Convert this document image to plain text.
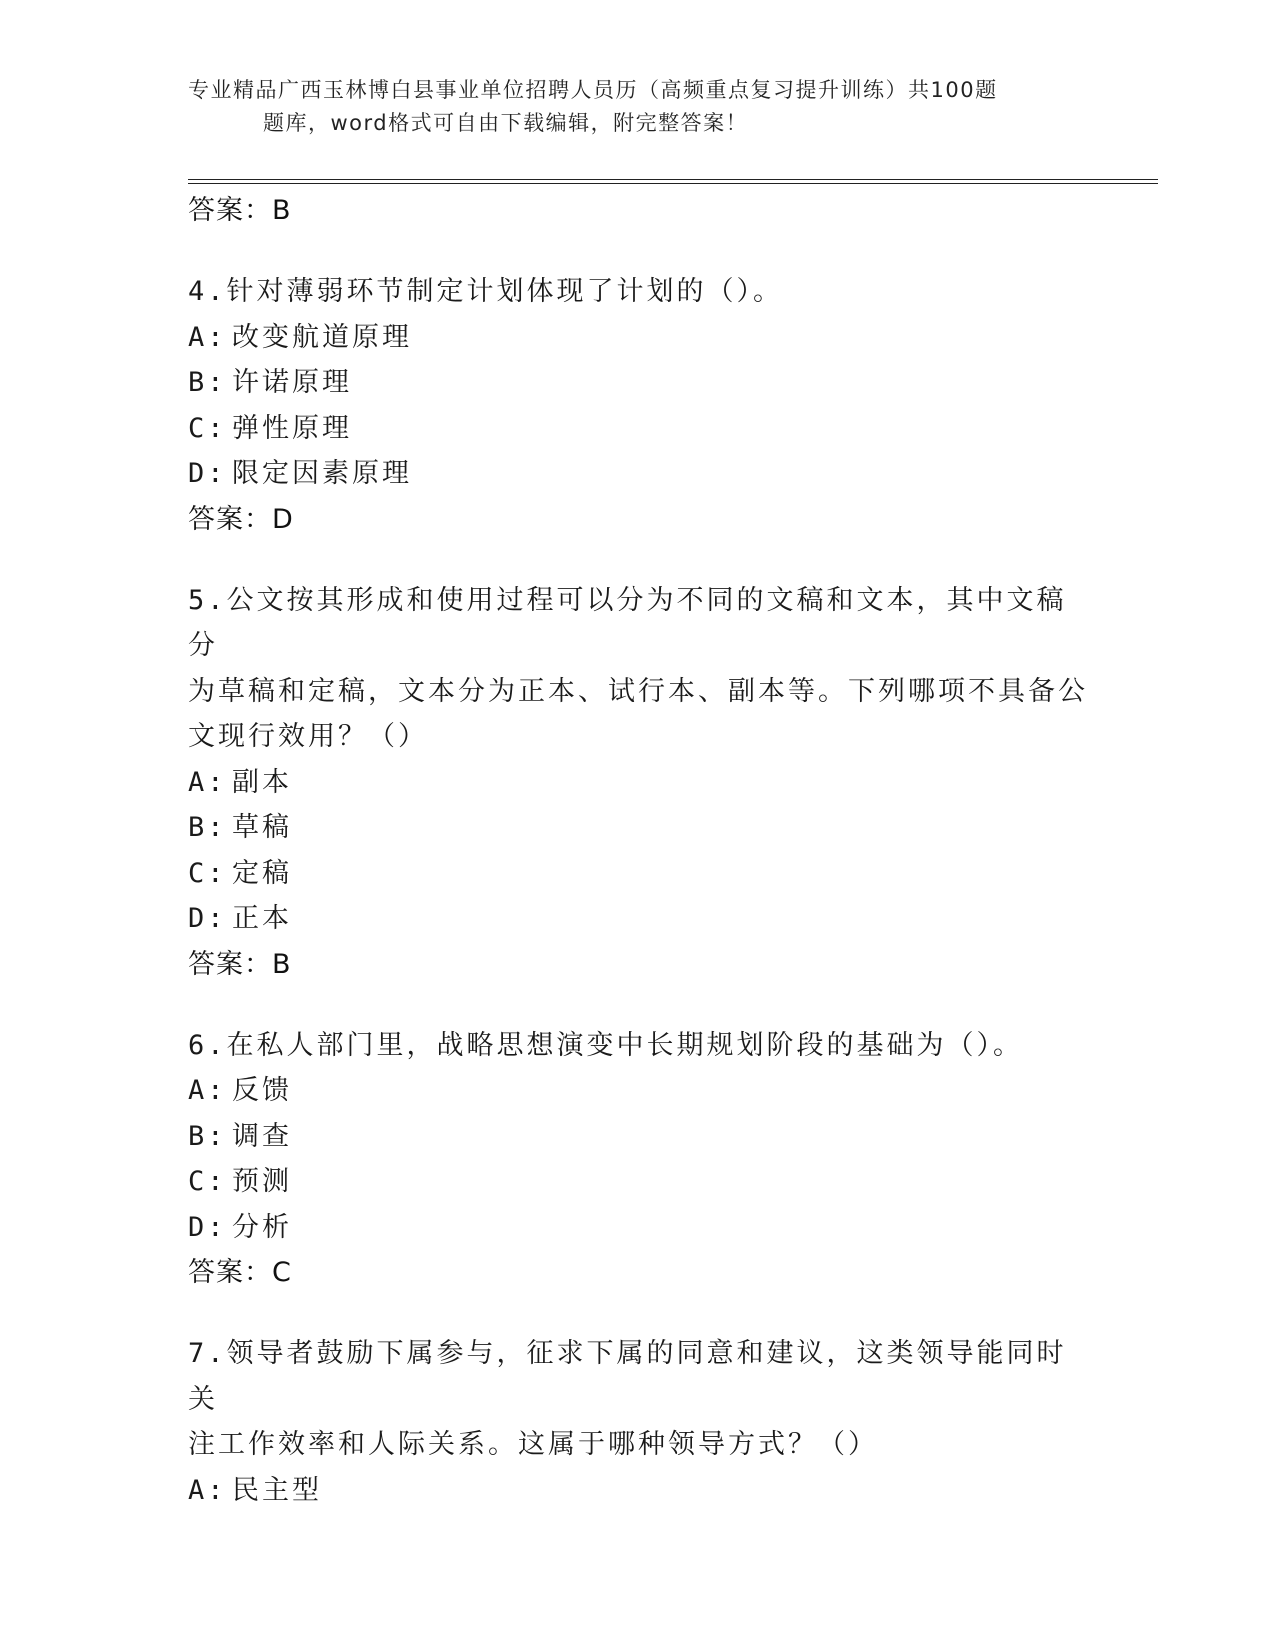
专业精品广西玉林博白县事业单位招聘人员历（高频重点复习提升训练）共100题
题库，word格式可自由下载编辑，附完整答案！
答案：B
4.针对薄弱环节制定计划体现了计划的（）。
A: 改变航道原理
B: 许诺原理
C: 弹性原理
D: 限定因素原理
答案：D
5.公文按其形成和使用过程可以分为不同的文稿和文本，其中文稿分
为草稿和定稿，文本分为正本、试行本、副本等。下列哪项不具备公
文现行效用？（）
A: 副本
B: 草稿
C: 定稿
D: 正本
答案：B
6.在私人部门里，战略思想演变中长期规划阶段的基础为（）。
A: 反馈
B: 调查
C: 预测
D: 分析
答案：C
7.领导者鼓励下属参与，征求下属的同意和建议，这类领导能同时关
注工作效率和人际关系。这属于哪种领导方式？（）
A: 民主型
